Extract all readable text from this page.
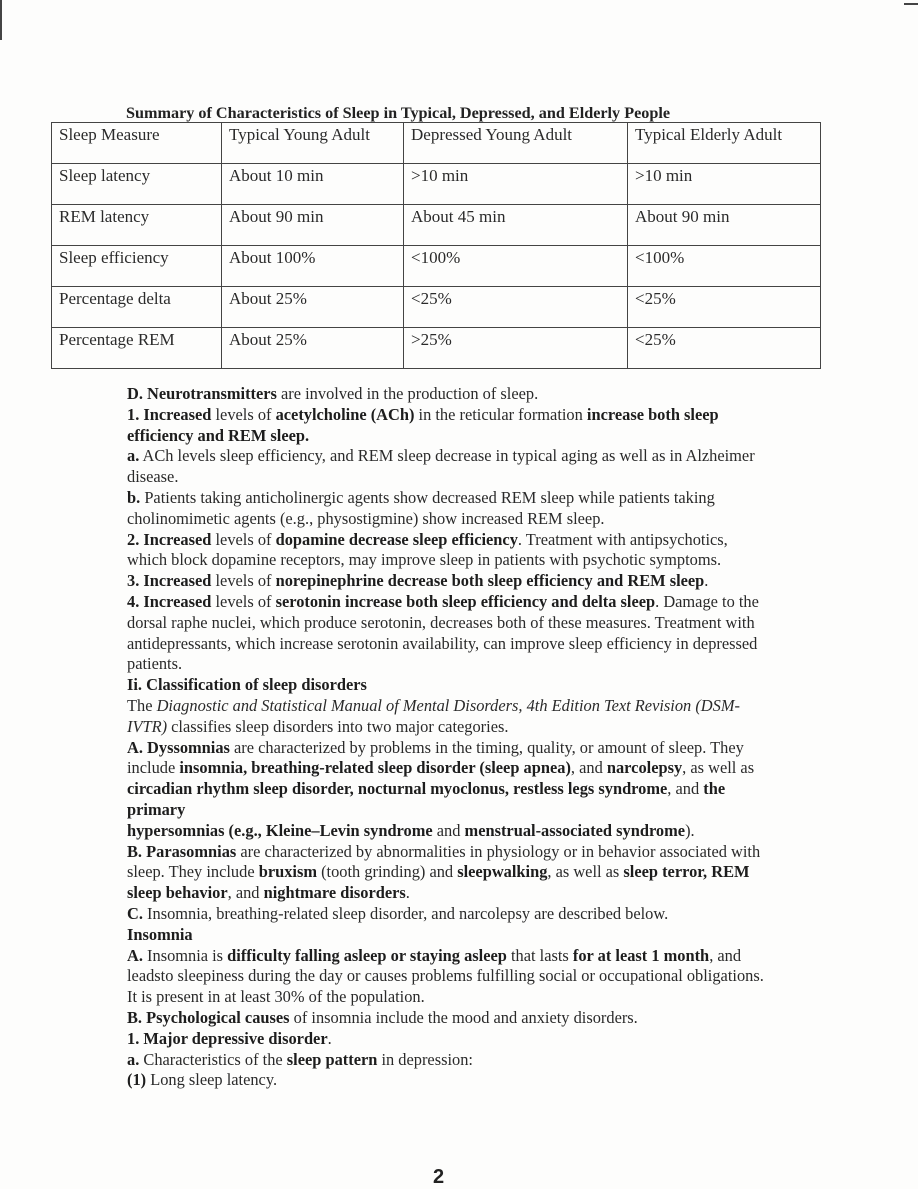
Summary of Characteristics of Sleep in Typical, Depressed, and Elderly People
Sleep Measure	Typical Young Adult	Depressed Young Adult	Typical Elderly Adult
Sleep latency	About 10 min	>10 min	>10 min
REM latency	About 90 min	About 45 min	About 90 min
Sleep efficiency	About 100%	<100%	<100%
Percentage delta	About 25%	<25%	<25%
Percentage REM	About 25%	>25%	<25%

D. Neurotransmitters are involved in the production of sleep.

1. Increased levels of acetylcholine (ACh) in the reticular formation increase both sleep efficiency and REM sleep.

a. ACh levels sleep efficiency, and REM sleep decrease in typical aging as well as in Alzheimer disease.

b. Patients taking anticholinergic agents show decreased REM sleep while patients taking cholinomimetic agents (e.g., physostigmine) show increased REM sleep.

2. Increased levels of dopamine decrease sleep efficiency. Treatment with antipsychotics, which block dopamine receptors, may improve sleep in patients with psychotic symptoms.

3. Increased levels of norepinephrine decrease both sleep efficiency and REM sleep.

4. Increased levels of serotonin increase both sleep efficiency and delta sleep. Damage to the dorsal raphe nuclei, which produce serotonin, decreases both of these measures. Treatment with antidepressants, which increase serotonin availability, can improve sleep efficiency in depressed patients.

Ii. Classification of sleep disorders

The Diagnostic and Statistical Manual of Mental Disorders, 4th Edition Text Revision (DSM-IVTR) classifies sleep disorders into two major categories.

A. Dyssomnias are characterized by problems in the timing, quality, or amount of sleep. They include insomnia, breathing-related sleep disorder (sleep apnea), and narcolepsy, as well as circadian rhythm sleep disorder, nocturnal myoclonus, restless legs syndrome, and the primary

hypersomnias (e.g., Kleine–Levin syndrome and menstrual-associated syndrome).

B. Parasomnias are characterized by abnormalities in physiology or in behavior associated with sleep. They include bruxism (tooth grinding) and sleepwalking, as well as sleep terror, REM sleep behavior, and nightmare disorders.

C. Insomnia, breathing-related sleep disorder, and narcolepsy are described below.

Insomnia

A. Insomnia is difficulty falling asleep or staying asleep that lasts for at least 1 month, and leadsto sleepiness during the day or causes problems fulfilling social or occupational obligations. It is present in at least 30% of the population.

B. Psychological causes of insomnia include the mood and anxiety disorders.

1. Major depressive disorder.

a. Characteristics of the sleep pattern in depression:

(1) Long sleep latency.

2
